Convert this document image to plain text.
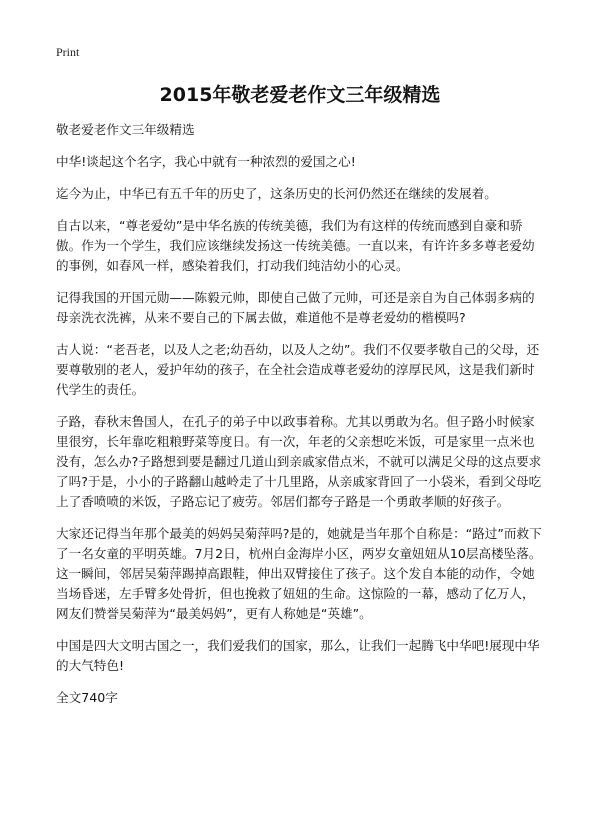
Print
2015年敬老爱老作文三年级精选

敬老爱老作文三年级精选

中华!谈起这个名字，我心中就有一种浓烈的爱国之心!

迄今为止，中华已有五千年的历史了，这条历史的长河仍然还在继续的发展着。

自古以来，“尊老爱幼”是中华名族的传统美德，我们为有这样的传统而感到自豪和骄傲。作为一个学生，我们应该继续发扬这一传统美德。一直以来，有许许多多尊老爱幼的事例，如春风一样，感染着我们，打动我们纯洁幼小的心灵。

记得我国的开国元勋——陈毅元帅，即使自己做了元帅，可还是亲自为自己体弱多病的母亲洗衣洗裤，从来不要自己的下属去做，难道他不是尊老爱幼的楷模吗?

古人说：“老吾老，以及人之老;幼吾幼，以及人之幼”。我们不仅要孝敬自己的父母，还要尊敬别的老人，爱护年幼的孩子，在全社会造成尊老爱幼的淳厚民风，这是我们新时代学生的责任。

子路，春秋末鲁国人，在孔子的弟子中以政事着称。尤其以勇敢为名。但子路小时候家里很穷，长年靠吃粗粮野菜等度日。有一次，年老的父亲想吃米饭，可是家里一点米也没有，怎么办?子路想到要是翻过几道山到亲戚家借点米，不就可以满足父母的这点要求了吗?于是，小小的子路翻山越岭走了十几里路，从亲戚家背回了一小袋米，看到父母吃上了香喷喷的米饭，子路忘记了疲劳。邻居们都夸子路是一个勇敢孝顺的好孩子。

大家还记得当年那个最美的妈妈吴菊萍吗?是的，她就是当年那个自称是：“路过”而救下了一名女童的平明英雄。7月2日，杭州白金海岸小区，两岁女童妞妞从10层高楼坠落。这一瞬间，邻居吴菊萍踢掉高跟鞋，伸出双臂接住了孩子。这个发自本能的动作，令她当场昏迷，左手臂多处骨折，但也挽救了妞妞的生命。这惊险的一幕，感动了亿万人，网友们赞誉吴菊萍为“最美妈妈”，更有人称她是“英雄”。

中国是四大文明古国之一，我们爱我们的国家，那么，让我们一起腾飞中华吧!展现中华的大气特色!

全文740字
